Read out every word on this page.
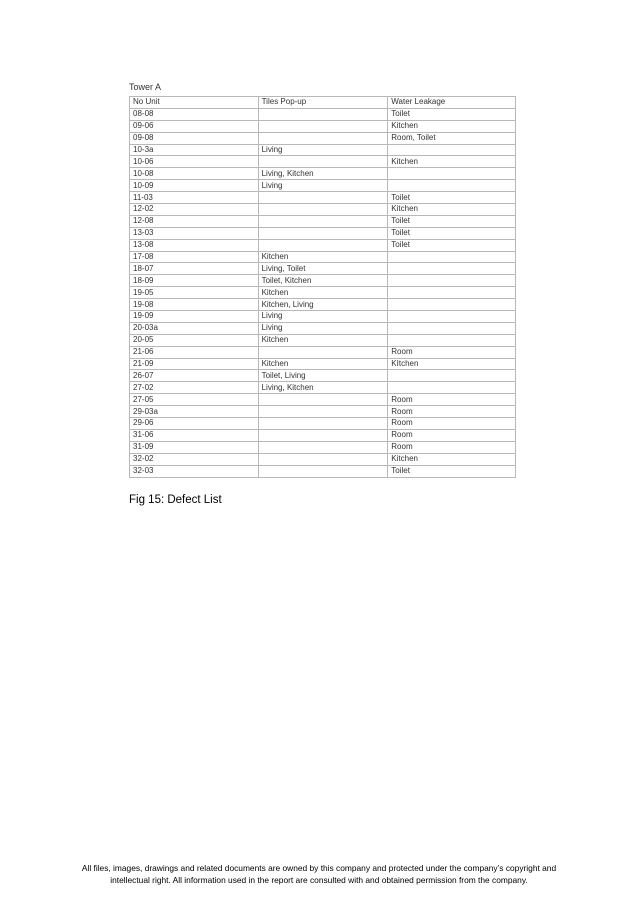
Tower A
No Unit	Tiles Pop-up	Water Leakage
08-08		Toilet
09-06		Kitchen
09-08		Room, Toilet
10-3a	Living	
10-06		Kitchen
10-08	Living, Kitchen	
10-09	Living	
11-03		Toilet
12-02		Kitchen
12-08		Toilet
13-03		Toilet
13-08		Toilet
17-08	Kitchen	
18-07	Living, Toilet	
18-09	Toilet, Kitchen	
19-05	Kitchen	
19-08	Kitchen, Living	
19-09	Living	
20-03a	Living	
20-05	Kitchen	
21-06		Room
21-09	Kitchen	KItchen
26-07	Toilet, Living	
27-02	Living, Kitchen	
27-05		Room
29-03a		Room
29-06		Room
31-06		Room
31-09		Room
32-02		Kitchen
32-03		Toilet
Fig 15: Defect List
All files, images, drawings and related documents are owned by this company and protected under the company’s copyright and
intellectual right. All information used in the report are consulted with and obtained permission from the company.
